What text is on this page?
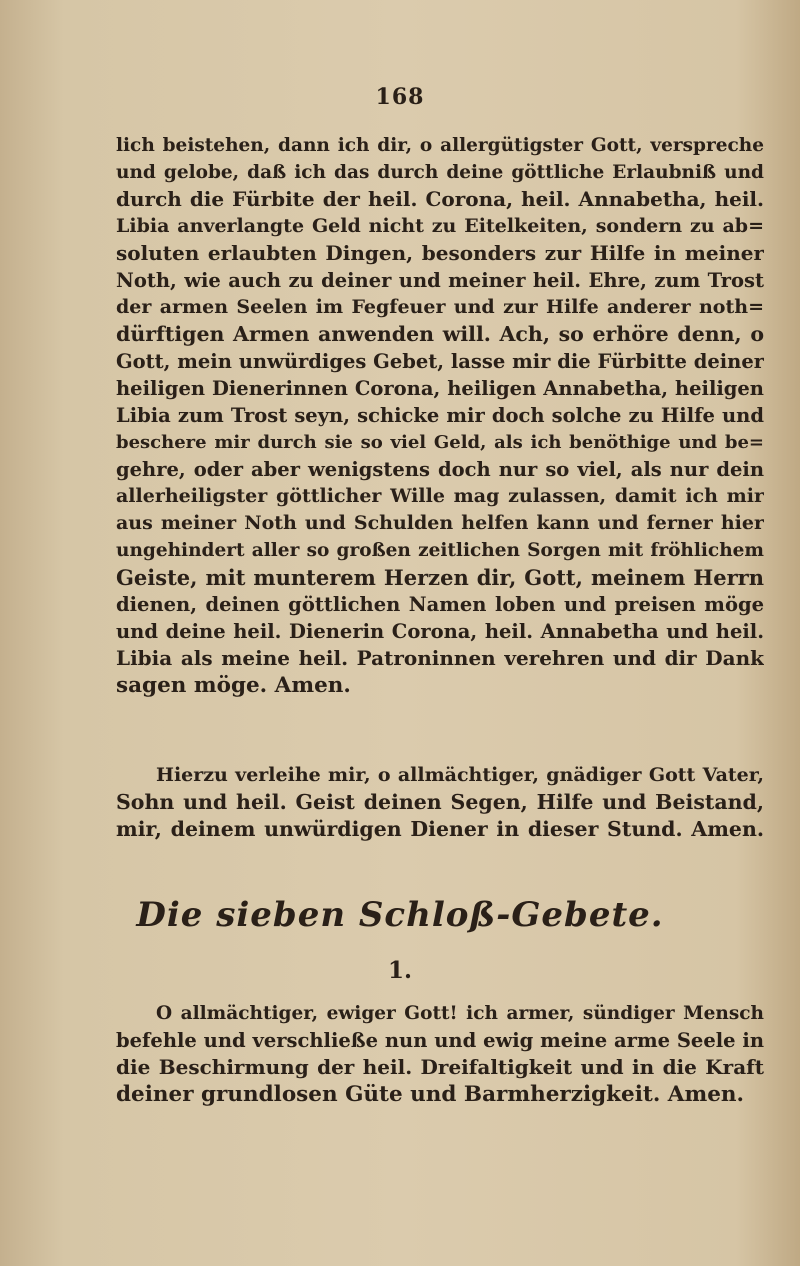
168
lich beistehen, dann ich dir, o allergütigster Gott, verspreche
und gelobe, daß ich das durch deine göttliche Erlaubniß und
durch die Fürbite der heil. Corona, heil. Annabetha, heil.
Libia anverlangte Geld nicht zu Eitelkeiten, sondern zu ab=
soluten erlaubten Dingen, besonders zur Hilfe in meiner
Noth, wie auch zu deiner und meiner heil. Ehre, zum Trost
der armen Seelen im Fegfeuer und zur Hilfe anderer noth=
dürftigen Armen anwenden will. Ach, so erhöre denn, o
Gott, mein unwürdiges Gebet, lasse mir die Fürbitte deiner
heiligen Dienerinnen Corona, heiligen Annabetha, heiligen
Libia zum Trost seyn, schicke mir doch solche zu Hilfe und
beschere mir durch sie so viel Geld, als ich benöthige und be=
gehre, oder aber wenigstens doch nur so viel, als nur dein
allerheiligster göttlicher Wille mag zulassen, damit ich mir
aus meiner Noth und Schulden helfen kann und ferner hier
ungehindert aller so großen zeitlichen Sorgen mit fröhlichem
Geiste, mit munterem Herzen dir, Gott, meinem Herrn
dienen, deinen göttlichen Namen loben und preisen möge
und deine heil. Dienerin Corona, heil. Annabetha und heil.
Libia als meine heil. Patroninnen verehren und dir Dank
sagen möge. Amen.
Hierzu verleihe mir, o allmächtiger, gnädiger Gott Vater,
Sohn und heil. Geist deinen Segen, Hilfe und Beistand,
mir, deinem unwürdigen Diener in dieser Stund. Amen.
Die sieben Schloß-Gebete.
1.
O allmächtiger, ewiger Gott! ich armer, sündiger Mensch
befehle und verschließe nun und ewig meine arme Seele in
die Beschirmung der heil. Dreifaltigkeit und in die Kraft
deiner grundlosen Güte und Barmherzigkeit. Amen.
